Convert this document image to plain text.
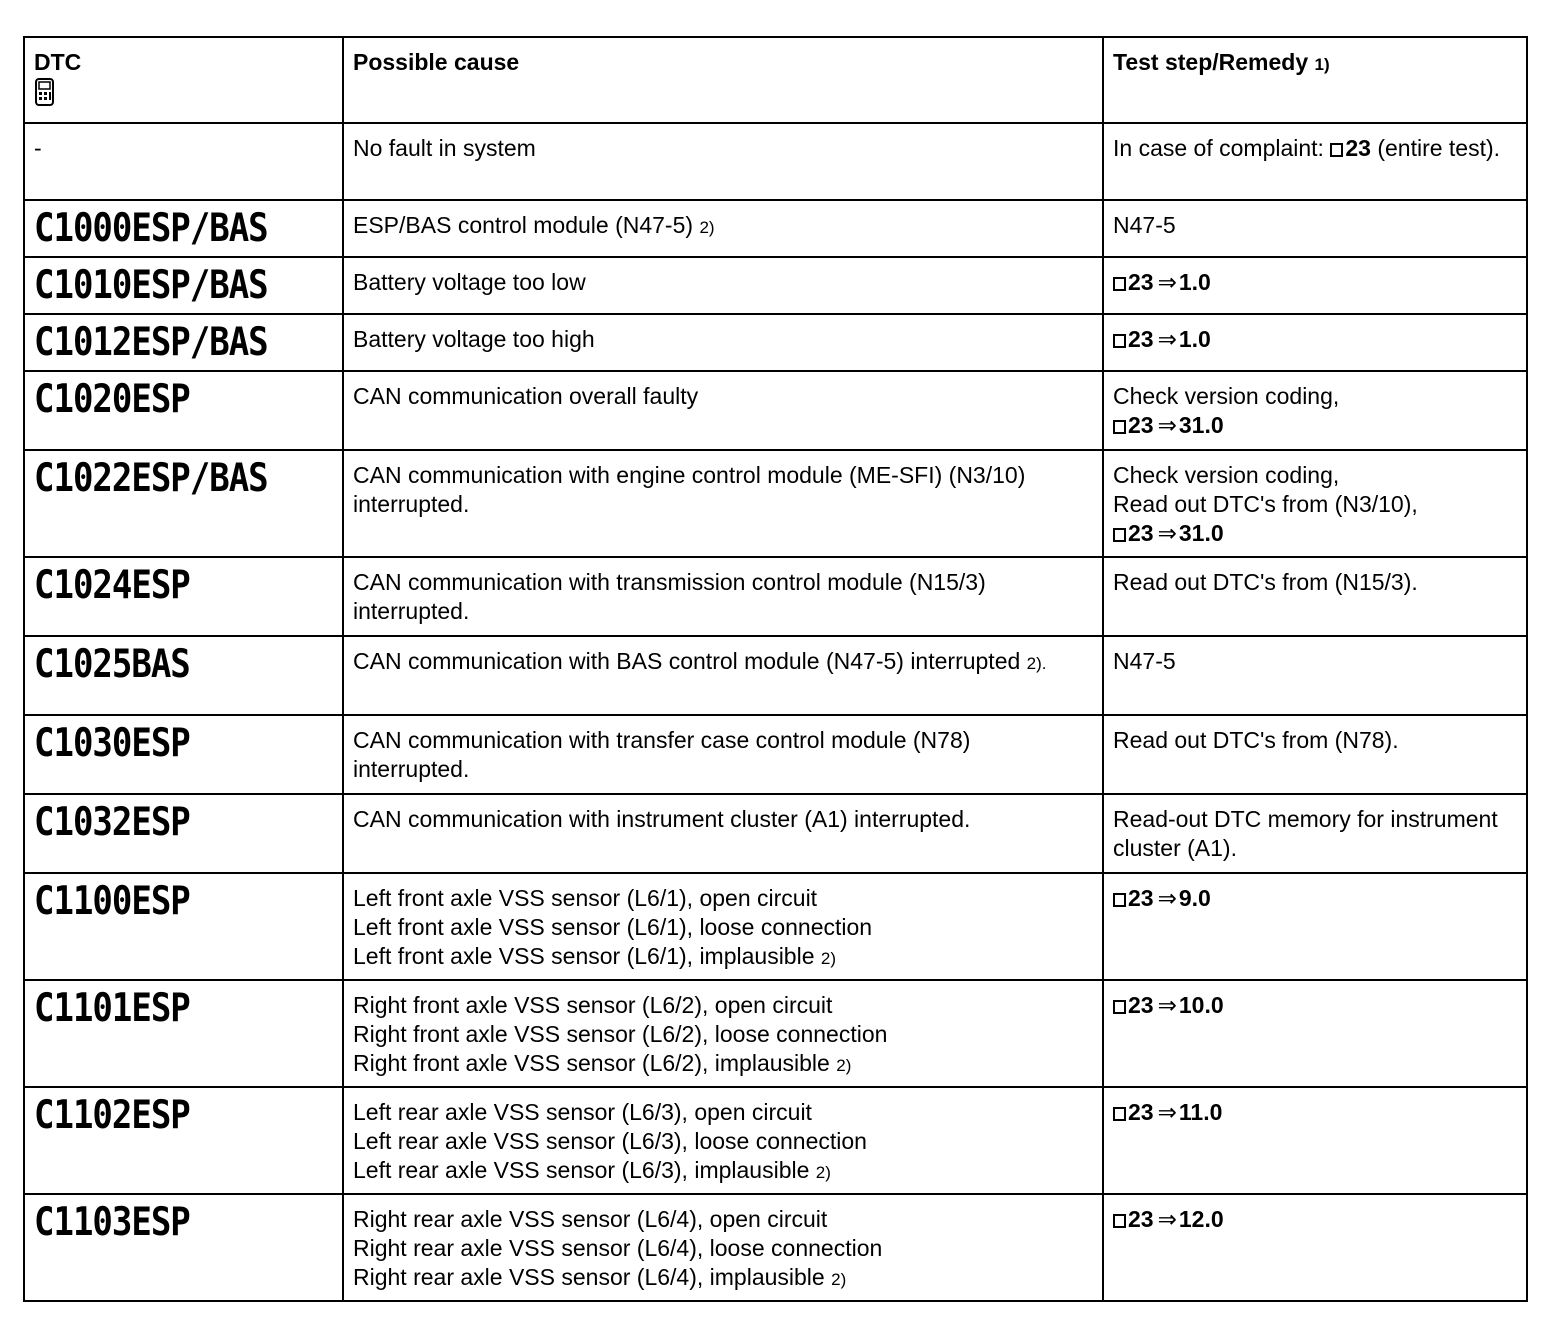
DTC	Possible cause	Test step/Remedy 1)
-	No fault in system	In case of complaint: 23 (entire test).
C1000ESP/BAS	ESP/BAS control module (N47-5) 2)	N47-5
C1010ESP/BAS	Battery voltage too low	23 ⇒1.0

C1012ESP/BAS	Battery voltage too high	23 ⇒1.0

C1020ESP	CAN communication overall faulty	Check version coding,
23 ⇒31.0

C1022ESP/BAS	CAN communication with engine control module (ME-SFI) (N3/10) interrupted.	Check version coding,
Read out DTC's from (N3/10),
23 ⇒31.0

C1024ESP	CAN communication with transmission control module (N15/3) interrupted.	Read out DTC's from (N15/3).
C1025BAS	CAN communication with BAS control module (N47-5) interrupted 2).	N47-5
C1030ESP	CAN communication with transfer case control module (N78) interrupted.	Read out DTC's from (N78).
C1032ESP	CAN communication with instrument cluster (A1) interrupted.	Read-out DTC memory for instrument cluster (A1).
C1100ESP	Left front axle VSS sensor (L6/1), open circuit
Left front axle VSS sensor (L6/1), loose connection
Left front axle VSS sensor (L6/1), implausible 2)	23 ⇒9.0

C1101ESP	Right front axle VSS sensor (L6/2), open circuit
Right front axle VSS sensor (L6/2), loose connection
Right front axle VSS sensor (L6/2), implausible 2)	23 ⇒10.0

C1102ESP	Left rear axle VSS sensor (L6/3), open circuit
Left rear axle VSS sensor (L6/3), loose connection
Left rear axle VSS sensor (L6/3), implausible 2)	23 ⇒11.0

C1103ESP	Right rear axle VSS sensor (L6/4), open circuit
Right rear axle VSS sensor (L6/4), loose connection
Right rear axle VSS sensor (L6/4), implausible 2)	23 ⇒12.0
